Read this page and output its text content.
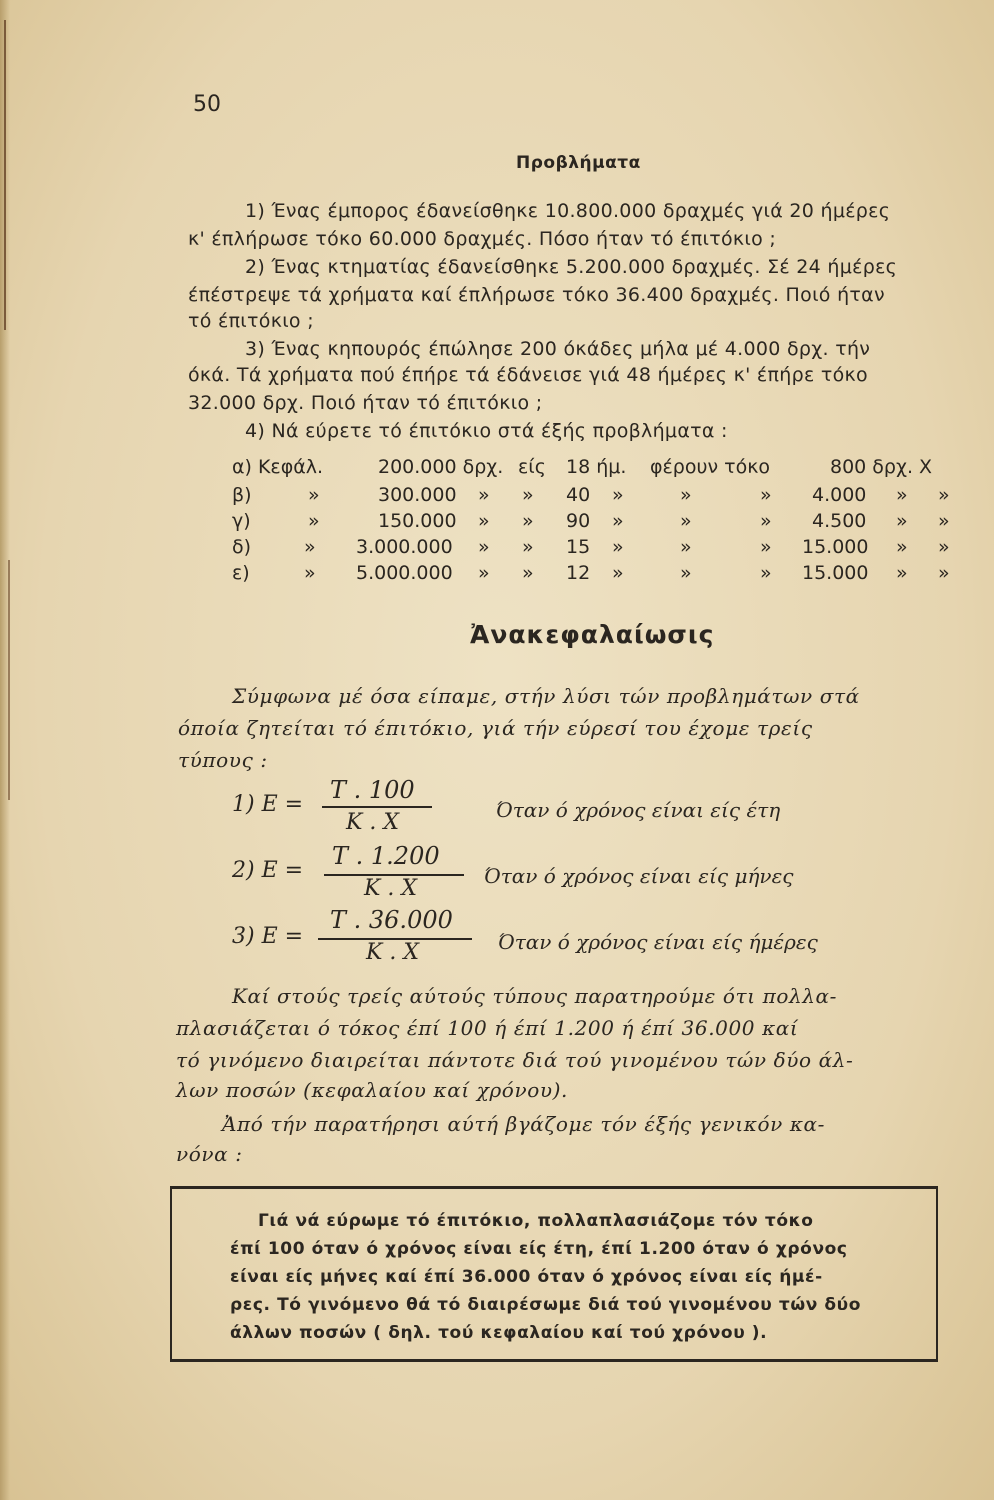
50
Προβλήματα
1) Ένας έμπορος έδανείσθηκε 10.800.000 δραχμές γιά 20 ήμέρες
κ' έπλήρωσε τόκο 60.000 δραχμές. Πόσο ήταν τό έπιτόκιο ;
2) Ένας κτηματίας έδανείσθηκε 5.200.000 δραχμές. Σέ 24 ήμέρες
έπέστρεψε τά χρήματα καί έπλήρωσε τόκο 36.400 δραχμές. Ποιό ήταν
τό έπιτόκιο ;
3) Ένας κηπουρός έπώλησε 200 όκάδες μήλα μέ 4.000 δρχ. τήν
όκά. Τά χρήματα πού έπήρε τά έδάνεισε γιά 48 ήμέρες κ' έπήρε τόκο
32.000 δρχ. Ποιό ήταν τό έπιτόκιο ;
4) Νά εύρετε τό έπιτόκιο στά έξής προβλήματα :
α) Κεφάλ.	200.000 δρχ. είς 18 ήμ. φέρουν τόκο	800 δρχ. Χ
β)	»	300.000 » » 40 »	»	» 4.000 » »
γ)	»	150.000 » » 90 »	»	» 4.500 » »
δ)	» 3.000.000 » » 15 »	»	» 15.000 » »
ε)	» 5.000.000 » » 12 »	»	» 15.000 » »
Ἀνακεφαλαίωσις
Σύμφωνα μέ όσα είπαμε, στήν λύσι τών προβλημάτων στά
όποία ζητείται τό έπιτόκιο, γιά τήν εύρεσί του έχομε τρείς
τύπους :
1) E =
T . 100
K . X	Όταν ό χρόνος είναι είς έτη
2) E =
T . 1.200
K . X	Όταν ό χρόνος είναι είς μήνες
3) E =
T . 36.000
K . X	Όταν ό χρόνος είναι είς ήμέρες
Καί στούς τρείς αύτούς τύπους παρατηρούμε ότι πολλα-
πλασιάζεται ό τόκος έπί 100 ή έπί 1.200 ή έπί 36.000 καί
τό γινόμενο διαιρείται πάντοτε διά τού γινομένου τών δύο άλ-
λων ποσών (κεφαλαίου καί χρόνου).
Ἀπό τήν παρατήρησι αύτή βγάζομε τόν έξής γενικόν κα-
νόνα :
Γιά νά εύρωμε τό έπιτόκιο, πολλαπλασιάζομε τόν τόκο
έπί 100 όταν ό χρόνος είναι είς έτη, έπί 1.200 όταν ό χρόνος
είναι είς μήνες καί έπί 36.000 όταν ό χρόνος είναι είς ήμέ-
ρες. Τό γινόμενο θά τό διαιρέσωμε διά τού γινομένου τών δύο
άλλων ποσών ( δηλ. τού κεφαλαίου καί τού χρόνου ).
